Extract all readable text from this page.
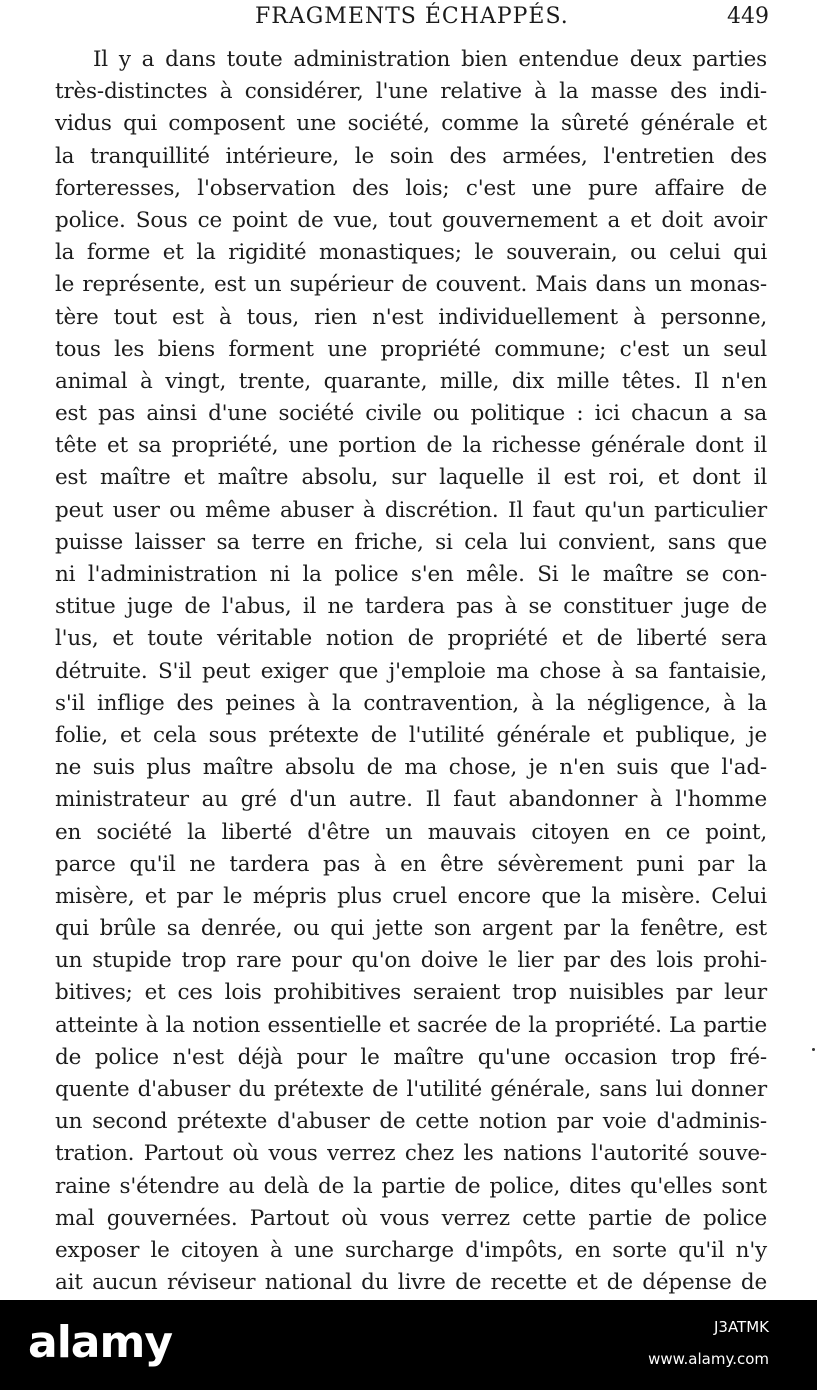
FRAGMENTS ÉCHAPPÉS.	449
Il y a dans toute administration bien entendue deux parties
très-distinctes à considérer, l'une relative à la masse des indi-
vidus qui composent une société, comme la sûreté générale et
la tranquillité intérieure, le soin des armées, l'entretien des
forteresses, l'observation des lois; c'est une pure affaire de
police. Sous ce point de vue, tout gouvernement a et doit avoir
la forme et la rigidité monastiques; le souverain, ou celui qui
le représente, est un supérieur de couvent. Mais dans un monas-
tère tout est à tous, rien n'est individuellement à personne,
tous les biens forment une propriété commune; c'est un seul
animal à vingt, trente, quarante, mille, dix mille têtes. Il n'en
est pas ainsi d'une société civile ou politique : ici chacun a sa
tête et sa propriété, une portion de la richesse générale dont il
est maître et maître absolu, sur laquelle il est roi, et dont il
peut user ou même abuser à discrétion. Il faut qu'un particulier
puisse laisser sa terre en friche, si cela lui convient, sans que
ni l'administration ni la police s'en mêle. Si le maître se con-
stitue juge de l'abus, il ne tardera pas à se constituer juge de
l'us, et toute véritable notion de propriété et de liberté sera
détruite. S'il peut exiger que j'emploie ma chose à sa fantaisie,
s'il inflige des peines à la contravention, à la négligence, à la
folie, et cela sous prétexte de l'utilité générale et publique, je
ne suis plus maître absolu de ma chose, je n'en suis que l'ad-
ministrateur au gré d'un autre. Il faut abandonner à l'homme
en société la liberté d'être un mauvais citoyen en ce point,
parce qu'il ne tardera pas à en être sévèrement puni par la
misère, et par le mépris plus cruel encore que la misère. Celui
qui brûle sa denrée, ou qui jette son argent par la fenêtre, est
un stupide trop rare pour qu'on doive le lier par des lois prohi-
bitives; et ces lois prohibitives seraient trop nuisibles par leur
atteinte à la notion essentielle et sacrée de la propriété. La partie
de police n'est déjà pour le maître qu'une occasion trop fré-
quente d'abuser du prétexte de l'utilité générale, sans lui donner
un second prétexte d'abuser de cette notion par voie d'adminis-
tration. Partout où vous verrez chez les nations l'autorité souve-
raine s'étendre au delà de la partie de police, dites qu'elles sont
mal gouvernées. Partout où vous verrez cette partie de police
exposer le citoyen à une surcharge d'impôts, en sorte qu'il n'y
ait aucun réviseur national du livre de recette et de dépense de
alamy	J3ATMK
www.alamy.com
